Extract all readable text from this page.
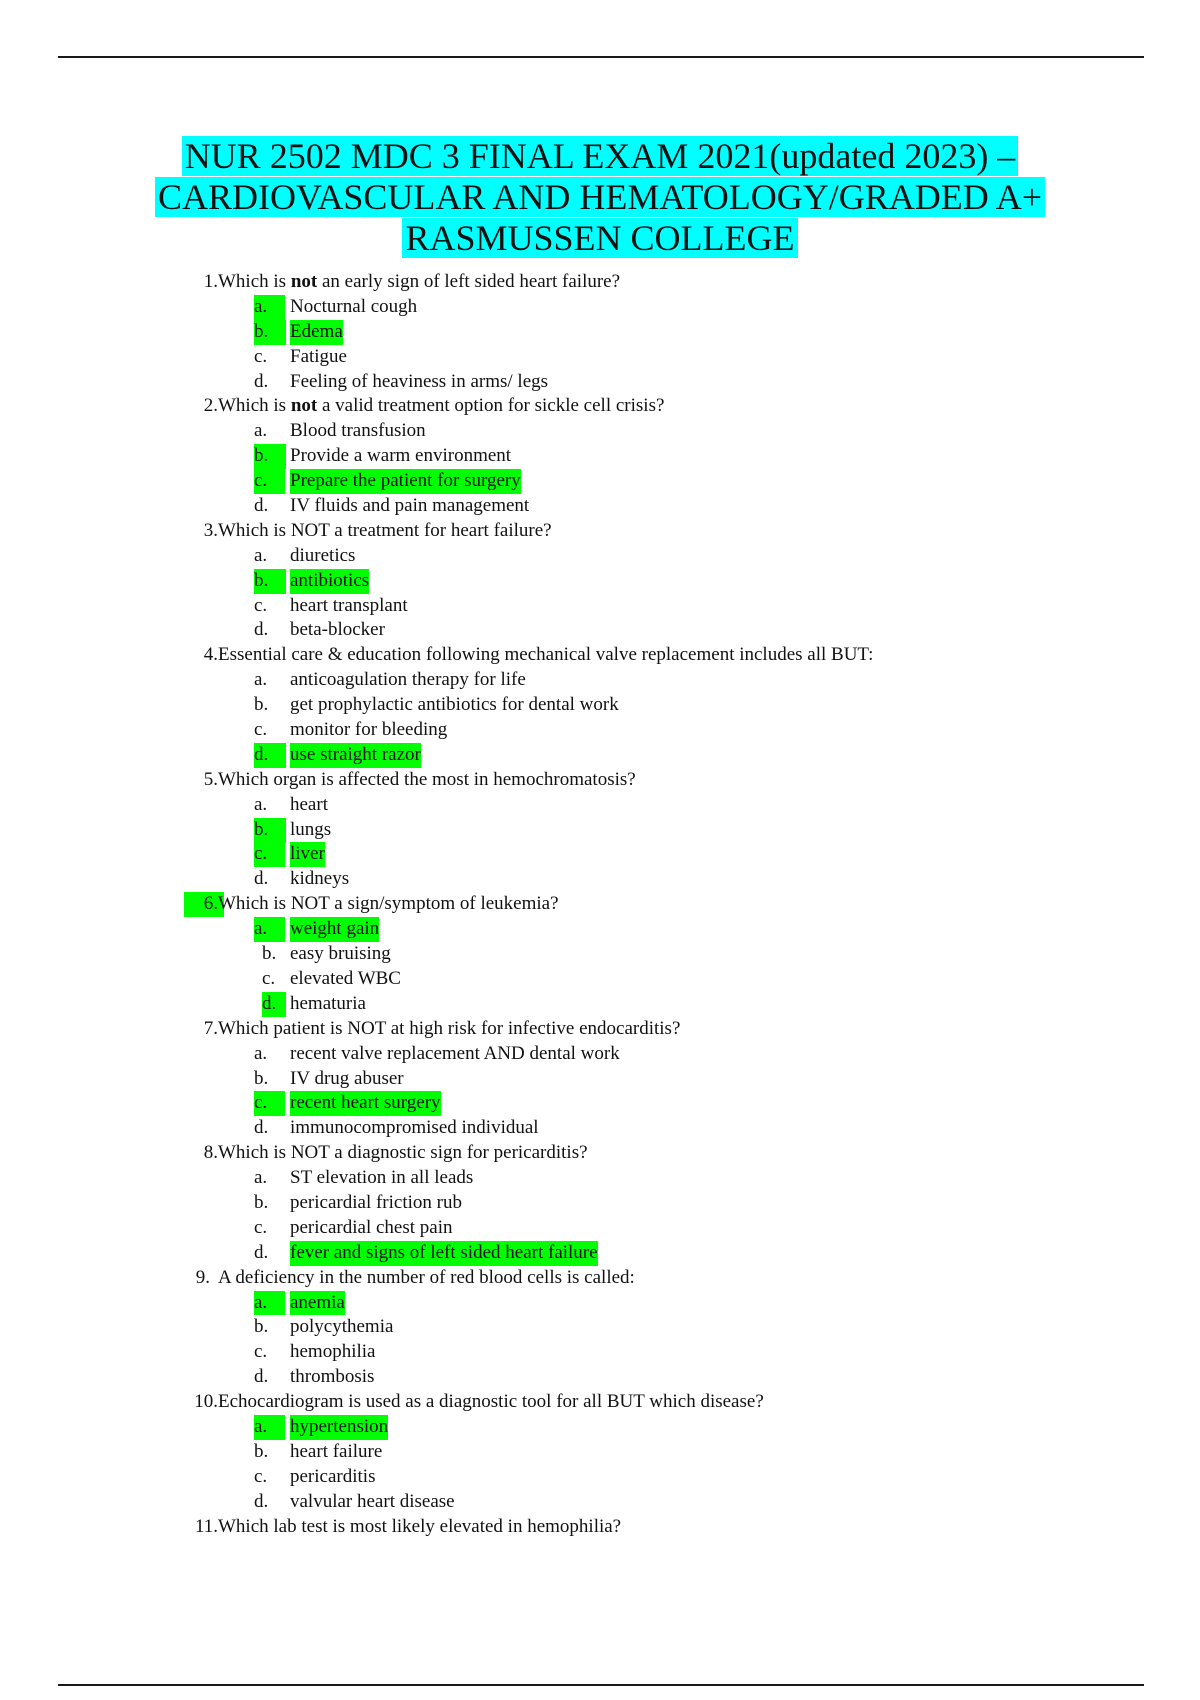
NUR 2502 MDC 3 FINAL EXAM 2021(updated 2023) –
CARDIOVASCULAR AND HEMATOLOGY/GRADED A+
RASMUSSEN COLLEGE
1. Which is not an early sign of left sided heart failure?
a.	Nocturnal cough
b.	Edema
c. Fatigue
d. Feeling of heaviness in arms/ legs
2. Which is not a valid treatment option for sickle cell crisis?
a. Blood transfusion
b.	Provide a warm environment
c.	Prepare the patient for surgery
d. IV fluids and pain management
3. Which is NOT a treatment for heart failure?
a. diuretics
b.	antibiotics
c. heart transplant
d. beta-blocker
4. Essential care & education following mechanical valve replacement includes all BUT:
a. anticoagulation therapy for life
b. get prophylactic antibiotics for dental work
c. monitor for bleeding
d.	use straight razor
5. Which organ is affected the most in hemochromatosis?
a. heart
b.	lungs
c.	liver
d. kidneys
6. Which is NOT a sign/symptom of leukemia?
a.	weight gain
b. easy bruising
c. elevated WBC
d. hematuria
7. Which patient is NOT at high risk for infective endocarditis?
a. recent valve replacement AND dental work
b. IV drug abuser
c.	recent heart surgery
d. immunocompromised individual
8. Which is NOT a diagnostic sign for pericarditis?
a. ST elevation in all leads
b. pericardial friction rub
c. pericardial chest pain
d. fever and signs of left sided heart failure
9. A deficiency in the number of red blood cells is called:
a.	anemia
b. polycythemia
c. hemophilia
d. thrombosis
10. Echocardiogram is used as a diagnostic tool for all BUT which disease?
a.	hypertension
b. heart failure
c. pericarditis
d. valvular heart disease
11. Which lab test is most likely elevated in hemophilia?
